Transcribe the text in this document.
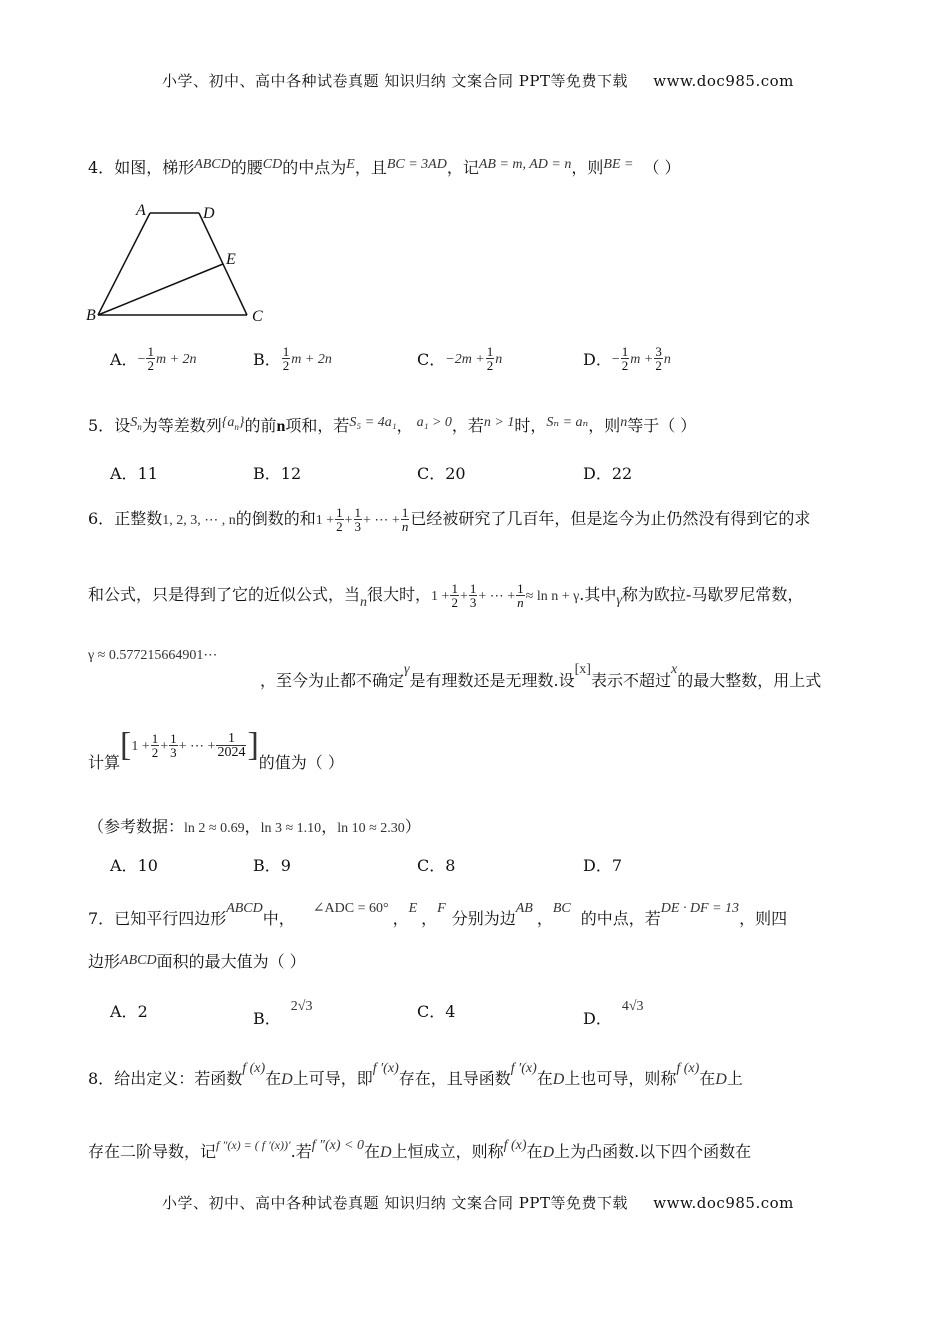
小学、初中、高中各种试卷真题 知识归纳 文案合同 PPT等免费下载 www.doc985.com
4．如图，梯形ABCD的腰CD的中点为E，且BC = 3AD，记AB = m, AD = n，则BE = （ ）
A	D
E
B	C
A．− $\frac{1}{2}$ m + 2n	B． $\frac{1}{2}$ m + 2n	C．$-2m + \frac{1}{2}$ n	D．− $\frac{1}{2}$ $m + \frac{3}{2}$ n
5．设$S_n$为等差数列$\{a_n\}$的前n项和，若S₅ = 4a₁， a₁ > 0，若n > 1时，Sₙ = aₙ，则n等于（ ）
A．11	B．12	C．20	D．22
6．正整数1, 2, 3, ⋯ , n的倒数的和$1 + \frac{1}{2} + \frac{1}{3}$ + ⋯ + $\frac{1}{n}$ 已经被研究了几百年，但是迄今为止仍然没有得到它的求
和公式，只是得到了它的近似公式，当n很大时，$1 + \frac{1}{2} + \frac{1}{3}$ + ⋯ + $\frac{1}{n} \approx \ln n + \gamma$.其中γ称为欧拉-马歇罗尼常数，
γ ≈ 0.577215664901⋯
，至今为止都不确定γ是有理数还是无理数.设[x]表示不超过x的最大整数，用上式
计算[$1 + \frac{1}{2} + \frac{1}{3}$ + ⋯ + $\frac{1}{2024}$ ]的值为（ ）
（参考数据：ln 2 ≈ 0.69，ln 3 ≈ 1.10，ln 10 ≈ 2.30）
A．10	B．9	C．8	D．7
7．已知平行四边形ABCD中，∠ADC = 60°，E，F分别为边AB，BC的中点，若DE · DF = 13，则四
边形ABCD面积的最大值为（ ）
A．2	B．2√3	C．4	D．4√3
8．给出定义：若函数f (x)在D上可导，即f ′(x)存在，且导函数f ′(x)在D上也可导，则称f (x)在D上
存在二阶导数，记$^{f ''(x) = ( f '(x))'}$.若f ″(x) < 0在D上恒成立，则称f (x)在D上为凸函数.以下四个函数在
小学、初中、高中各种试卷真题 知识归纳 文案合同 PPT等免费下载 www.doc985.com
